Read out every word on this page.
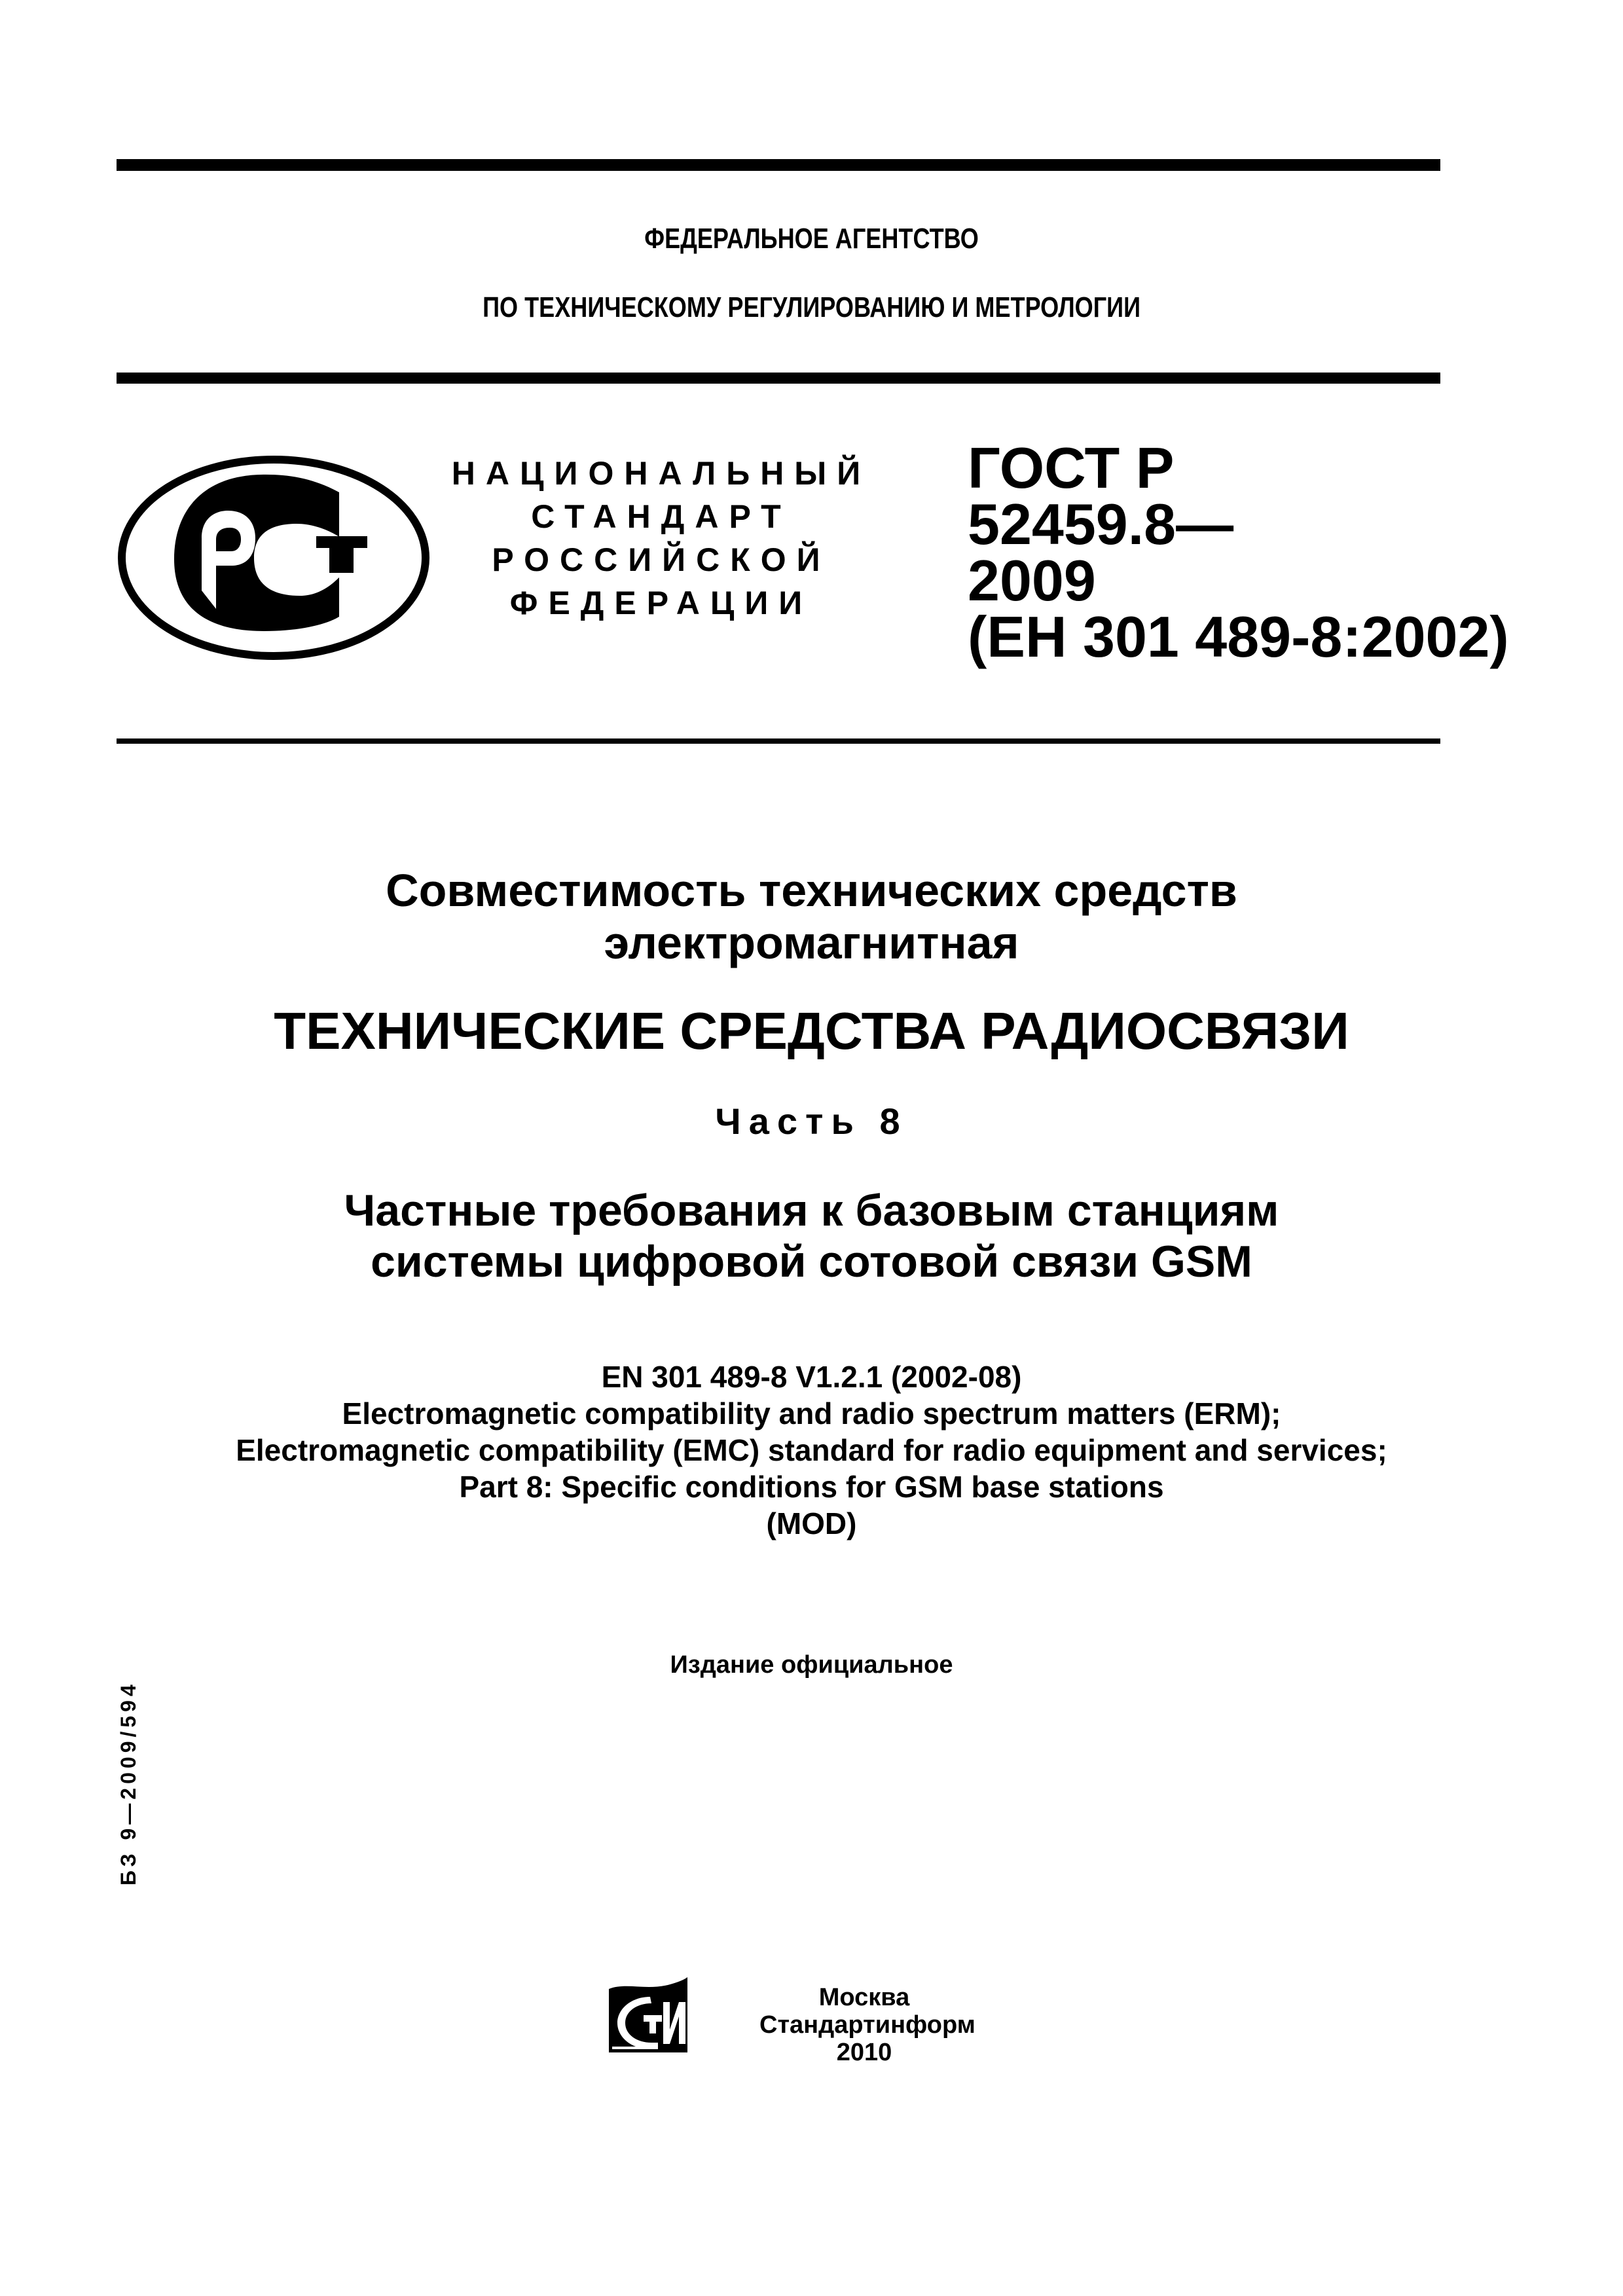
ФЕДЕРАЛЬНОЕ АГЕНТСТВО
ПО ТЕХНИЧЕСКОМУ РЕГУЛИРОВАНИЮ И МЕТРОЛОГИИ
НАЦИОНАЛЬНЫЙ
СТАНДАРТ
РОССИЙСКОЙ
ФЕДЕРАЦИИ
ГОСТ Р
52459.8—
2009
(ЕН 301 489-8:2002)
Совместимость технических средств
электромагнитная
ТЕХНИЧЕСКИЕ СРЕДСТВА РАДИОСВЯЗИ
Часть 8
Частные требования к базовым станциям
системы цифровой сотовой связи GSM
EN 301 489-8 V1.2.1 (2002-08)
Electromagnetic compatibility and radio spectrum matters (ERM);
Electromagnetic compatibility (EMC) standard for radio equipment and services;
Part 8: Specific conditions for GSM base stations
(MOD)
Издание официальное
БЗ 9—2009/594
Москва
Стандартинформ
2010
